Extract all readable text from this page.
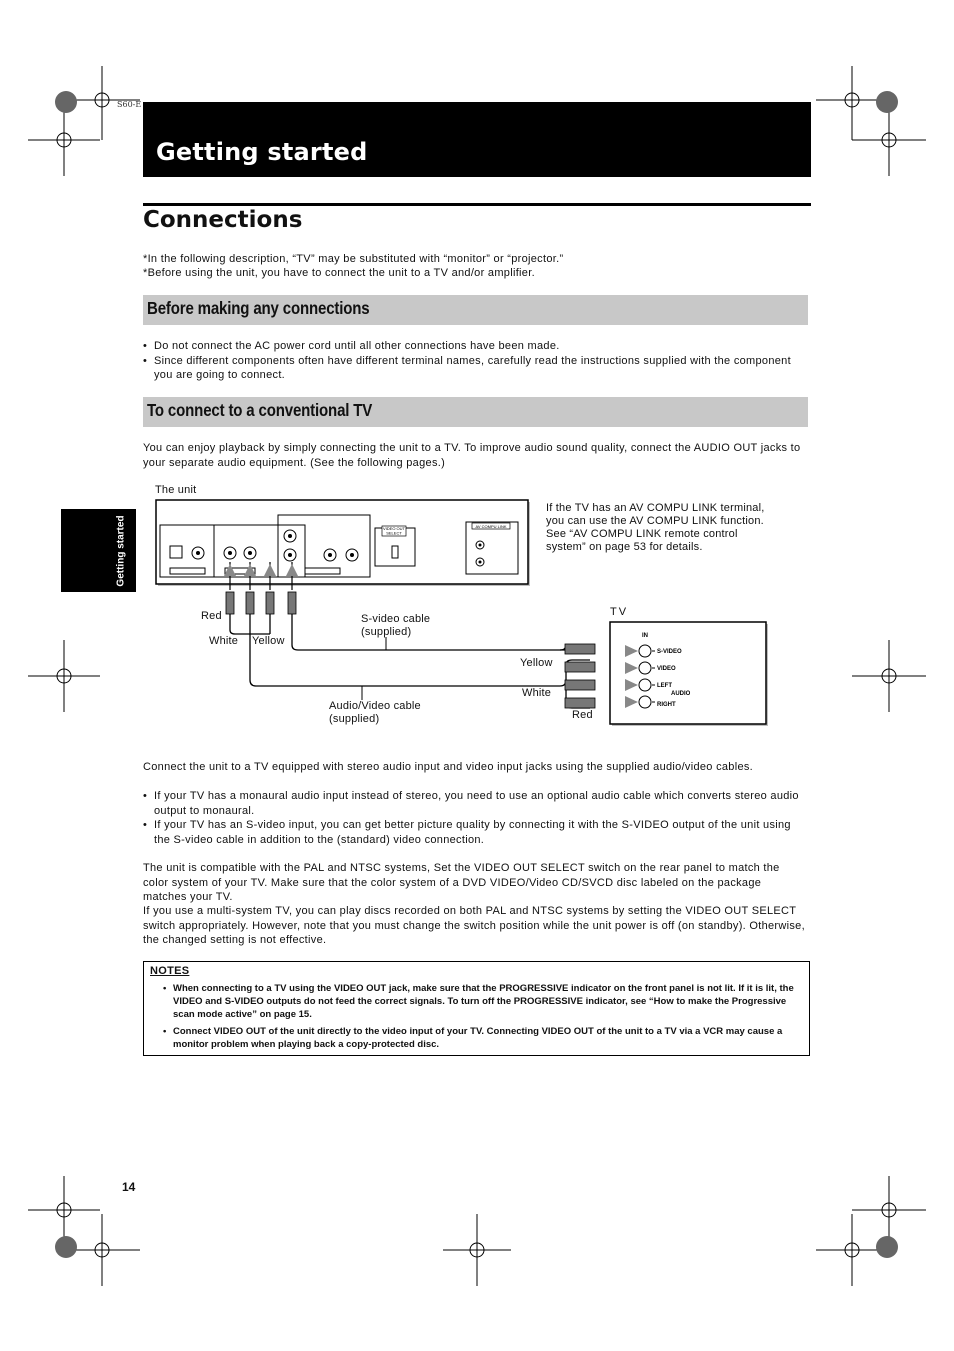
S60-E
Getting started
Connections
*In the following description, “TV” may be substituted with “monitor” or “projector.”
*Before using the unit, you have to connect the unit to a TV and/or amplifier.
Before making any connections
• Do not connect the AC power cord until all other connections have been made.
• Since different components often have different terminal names, carefully read the instructions supplied with the component you are going to connect.
To connect to a conventional TV

You can enjoy playback by simply connecting the unit to a TV. To improve audio sound quality, connect the AUDIO OUT jacks to your separate audio equipment. (See the following pages.)

Getting started	VIDEO OUT
SELECT
AV COMPU LINK
IN
S-VIDEO
VIDEO
LEFT
AUDIO
RIGHT
The unit
If the TV has an AV COMPU LINK terminal,
you can use the AV COMPU LINK function.
See “AV COMPU LINK remote control
system” on page 53 for details.
Red
White Yellow
S-video cable
(supplied)
Audio/Video cable
(supplied)
TV
Yellow
White
Red

Connect the unit to a TV equipped with stereo audio input and video input jacks using the supplied audio/video cables.

• If your TV has a monaural audio input instead of stereo, you need to use an optional audio cable which converts stereo audio output to monaural.
• If your TV has an S-video input, you can get better picture quality by connecting it with the S-VIDEO output of the unit using the S-video cable in addition to the (standard) video connection.

The unit is compatible with the PAL and NTSC systems, Set the VIDEO OUT SELECT switch on the rear panel to match the color system of your TV. Make sure that the color system of a DVD VIDEO/Video CD/SVCD disc labeled on the package matches your TV.

If you use a multi-system TV, you can play discs recorded on both PAL and NTSC systems by setting the VIDEO OUT SELECT switch appropriately. However, note that you must change the switch position while the unit power is off (on standby). Otherwise, the changed setting is not effective.

NOTES
• When connecting to a TV using the VIDEO OUT jack, make sure that the PROGRESSIVE indicator on the front panel is not lit. If it is lit, the VIDEO and S-VIDEO outputs do not feed the correct signals. To turn off the PROGRESSIVE indicator, see “How to make the Progressive scan mode active” on page 15.
• Connect VIDEO OUT of the unit directly to the video input of your TV. Connecting VIDEO OUT of the unit to a TV via a VCR may cause a monitor problem when playing back a copy-protected disc.
14
